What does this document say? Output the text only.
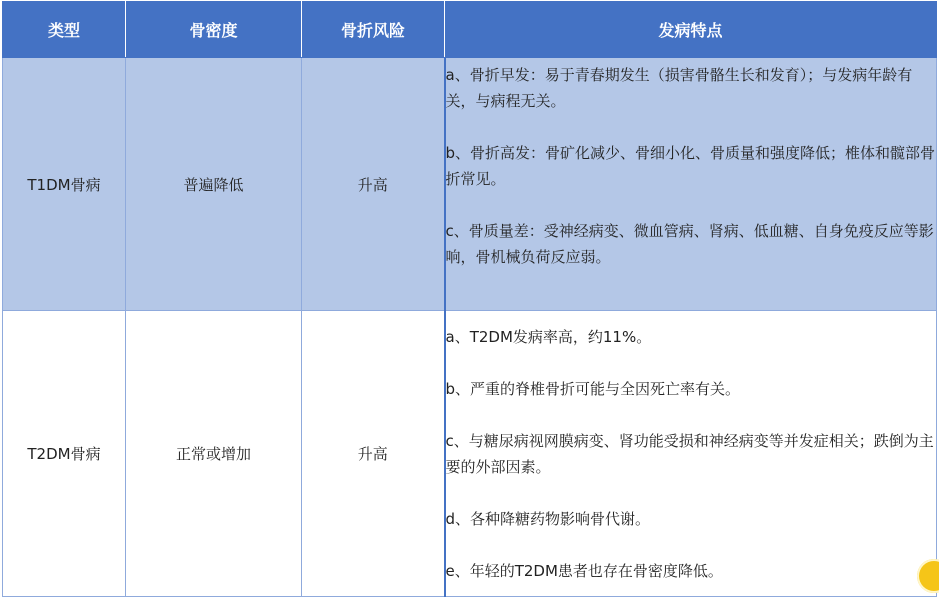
类型	骨密度	骨折风险	发病特点
T1DM骨病	普遍降低	升高	a、骨折早发：易于青春期发生（损害骨骼生长和发育）；与发病年龄有关，与病程无关。

b、骨折高发：骨矿化减少、骨细小化、骨质量和强度降低；椎体和髋部骨折常见。

c、骨质量差：受神经病变、微血管病、肾病、低血糖、自身免疫反应等影响，骨机械负荷反应弱。

T2DM骨病	正常或增加	升高	a、T2DM发病率高，约11%。

b、严重的脊椎骨折可能与全因死亡率有关。

c、与糖尿病视网膜病变、肾功能受损和神经病变等并发症相关；跌倒为主要的外部因素。

d、各种降糖药物影响骨代谢。

e、年轻的T2DM患者也存在骨密度降低。
